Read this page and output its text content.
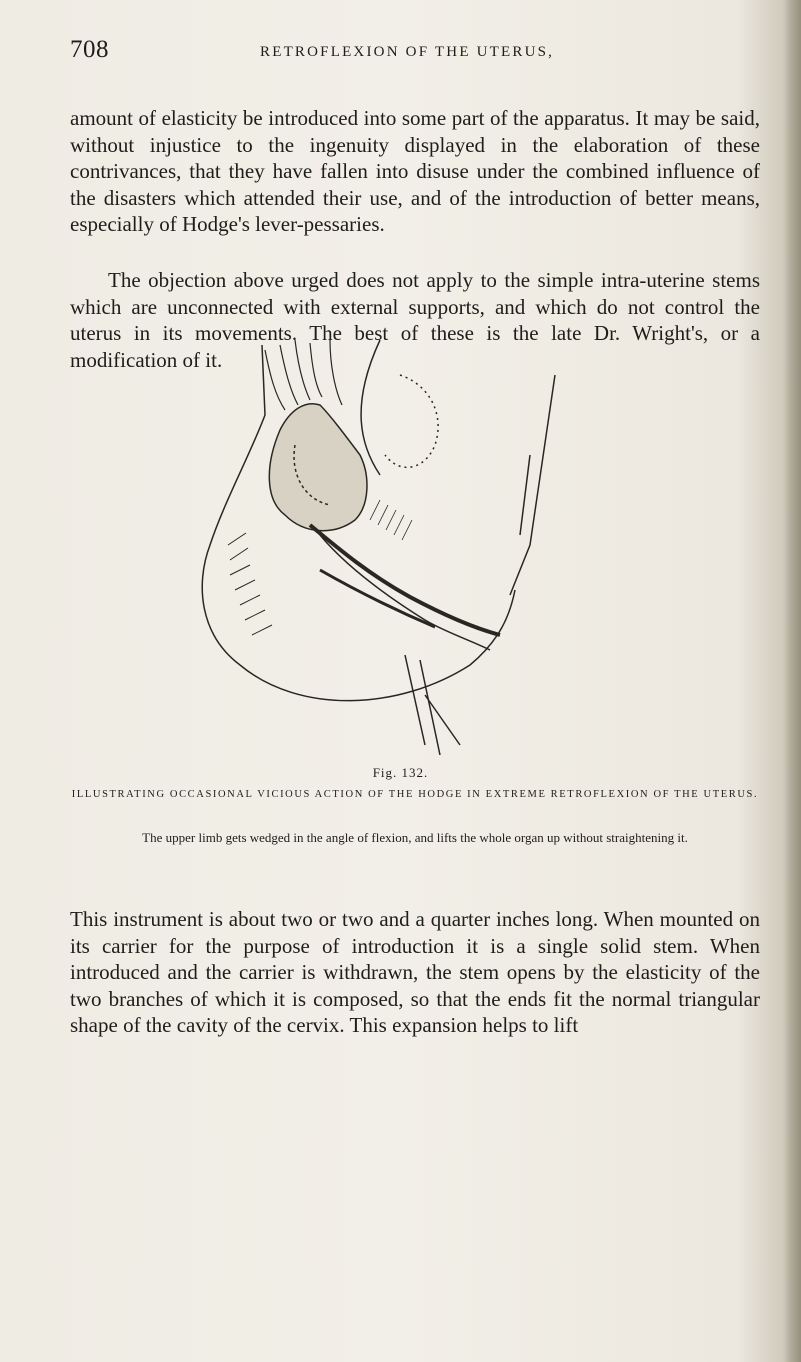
708	RETROFLEXION OF THE UTERUS,

amount of elasticity be introduced into some part of the apparatus. It may be said, without injustice to the ingenuity displayed in the elaboration of these contrivances, that they have fallen into disuse under the combined influence of the disasters which attended their use, and of the introduction of better means, especially of Hodge's lever-pessaries.

The objection above urged does not apply to the simple intra-uterine stems which are unconnected with external supports, and which do not control the uterus in its movements. The best of these is the late Dr. Wright's, or a modification of it.

Fig. 132.
ILLUSTRATING OCCASIONAL VICIOUS ACTION OF THE HODGE IN EXTREME RETROFLEXION OF THE UTERUS.
The upper limb gets wedged in the angle of flexion, and lifts the whole organ up without straightening it.

This instrument is about two or two and a quarter inches long. When mounted on its carrier for the purpose of introduction it is a single solid stem. When introduced and the carrier is withdrawn, the stem opens by the elasticity of the two branches of which it is composed, so that the ends fit the normal triangular shape of the cavity of the cervix. This expansion helps to lift
